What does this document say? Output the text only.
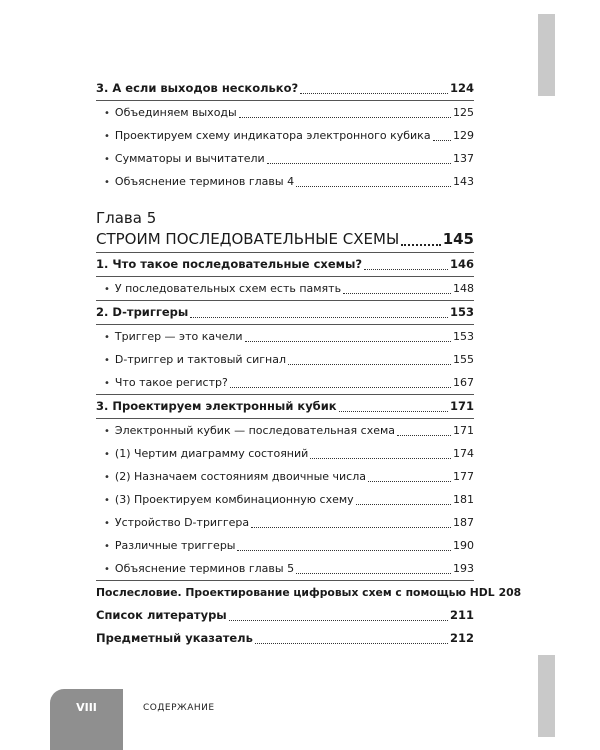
3. А если выходов несколько?	124
• Объединяем выходы	125
• Проектируем схему индикатора электронного кубика 129
• Сумматоры и вычитатели	137
• Объяснение терминов главы 4	143
Глава 5
СТРОИМ ПОСЛЕДОВАТЕЛЬНЫЕ СХЕМЫ	145
1. Что такое последовательные схемы?	146
• У последовательных схем есть память	148
2. D-триггеры	153
• Триггер — это качели	153
• D-триггер и тактовый сигнал	155
• Что такое регистр?	167
3. Проектируем электронный кубик	171
• Электронный кубик — последовательная схема	171
• (1) Чертим диаграмму состояний	174
• (2) Назначаем состояниям двоичные числа	177
• (3) Проектируем комбинационную схему	181
• Устройство D-триггера	187
• Различные триггеры	190
• Объяснение терминов главы 5	193
Послесловие. Проектирование цифровых схем с помощью HDL 208
Список литературы	211
Предметный указатель	212
VIII	СОДЕРЖАНИЕ
